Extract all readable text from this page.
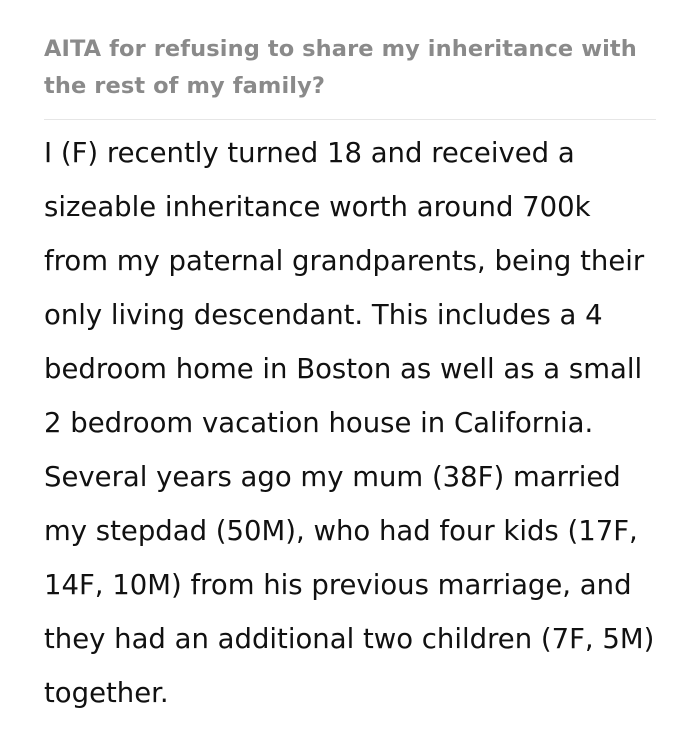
AITA for refusing to share my inheritance with the rest of my family?

I (F) recently turned 18 and received a sizeable inheritance worth around 700k from my paternal grandparents, being their only living descendant. This includes a 4 bedroom home in Boston as well as a small 2 bedroom vacation house in California. Several years ago my mum (38F) married my stepdad (50M), who had four kids (17F, 14F, 10M) from his previous marriage, and they had an additional two children (7F, 5M) together.
